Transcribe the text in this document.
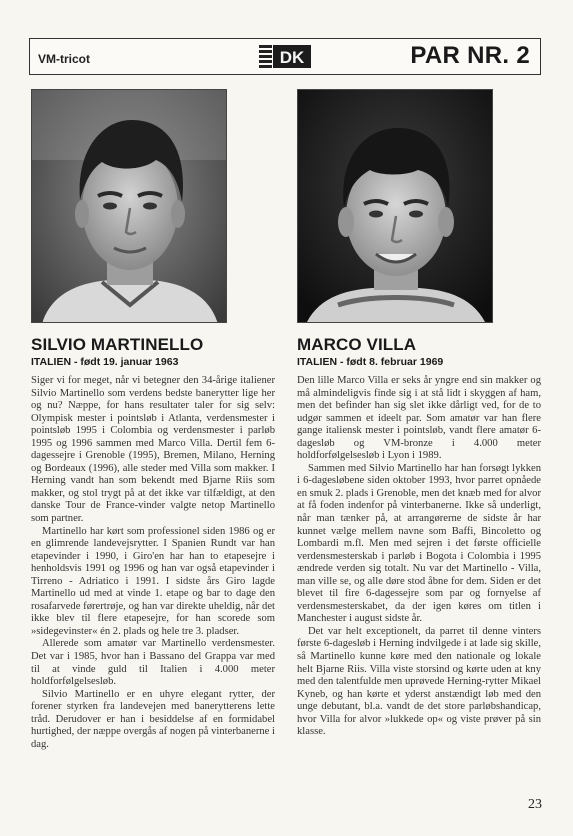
VM-tricot	DK	PAR NR. 2
SILVIO MARTINELLO
ITALIEN - født 19. januar 1963

Siger vi for meget, når vi betegner den 34-årige italiener Silvio Martinello som verdens bedste banerytter lige her og nu? Næppe, for hans resultater taler for sig selv: Olympisk mester i pointsløb i Atlanta, verdensmester i pointsløb 1995 i Colombia og verdensmester i parløb 1995 og 1996 sammen med Marco Villa. Dertil fem 6-dagessejre i Grenoble (1995), Bremen, Milano, Herning og Bordeaux (1996), alle steder med Villa som makker. I Herning vandt han som bekendt med Bjarne Riis som makker, og stol trygt på at det ikke var tilfældigt, at den danske Tour de France-vinder valgte netop Martinello som partner.

Martinello har kørt som professionel siden 1986 og er en glimrende landevejsrytter. I Spanien Rundt var han etapevinder i 1990, i Giro'en har han to etapesejre i henholdsvis 1991 og 1996 og han var også etapevinder i Tirreno - Adriatico i 1991. I sidste års Giro lagde Martinello ud med at vinde 1. etape og bar to dage den rosafarvede førertrøje, og han var direkte uheldig, når det ikke blev til flere etapesejre, for han scorede som »sidegevinster« én 2. plads og hele tre 3. pladser.

Allerede som amatør var Martinello verdensmester. Det var i 1985, hvor han i Bassano del Grappa var med til at vinde guld til Italien i 4.000 meter holdforfølgelsesløb.

Silvio Martinello er en uhyre elegant rytter, der forener styrken fra landevejen med banerytterens lette tråd. Derudover er han i besiddelse af en formidabel hurtighed, der næppe overgås af nogen på vinterbanerne i dag.

MARCO VILLA
ITALIEN - født 8. februar 1969

Den lille Marco Villa er seks år yngre end sin makker og må almindeligvis finde sig i at stå lidt i skyggen af ham, men det befinder han sig slet ikke dårligt ved, for de to udgør sammen et ideelt par. Som amatør var han flere gange italiensk mester i pointsløb, vandt flere amatør 6-dagesløb og VM-bronze i 4.000 meter holdforfølgelsesløb i Lyon i 1989.

Sammen med Silvio Martinello har han forsøgt lykken i 6-dagesløbene siden oktober 1993, hvor parret opnåede en smuk 2. plads i Grenoble, men det knæb med for alvor at få foden indenfor på vinterbanerne. Ikke så underligt, når man tænker på, at arrangørerne de sidste år har kunnet vælge mellem navne som Baffi, Bincoletto og Lombardi m.fl. Men med sejren i det første officielle verdensmesterskab i parløb i Bogota i Colombia i 1995 ændrede verden sig totalt. Nu var det Martinello - Villa, man ville se, og alle døre stod åbne for dem. Siden er det blevet til fire 6-dagessejre som par og fornyelse af verdensmesterskabet, da der igen køres om titlen i Manchester i august sidste år.

Det var helt exceptionelt, da parret til denne vinters første 6-dagesløb i Herning indvilgede i at lade sig skille, så Martinello kunne køre med den nationale og lokale helt Bjarne Riis. Villa viste storsind og kørte uden at kny med den talentfulde men uprøvede Herning-rytter Mikael Kyneb, og han kørte et yderst anstændigt løb med den unge debutant, bl.a. vandt de det store parløbshandicap, hvor Villa for alvor »lukkede op« og viste prøver på sin klasse.

23
